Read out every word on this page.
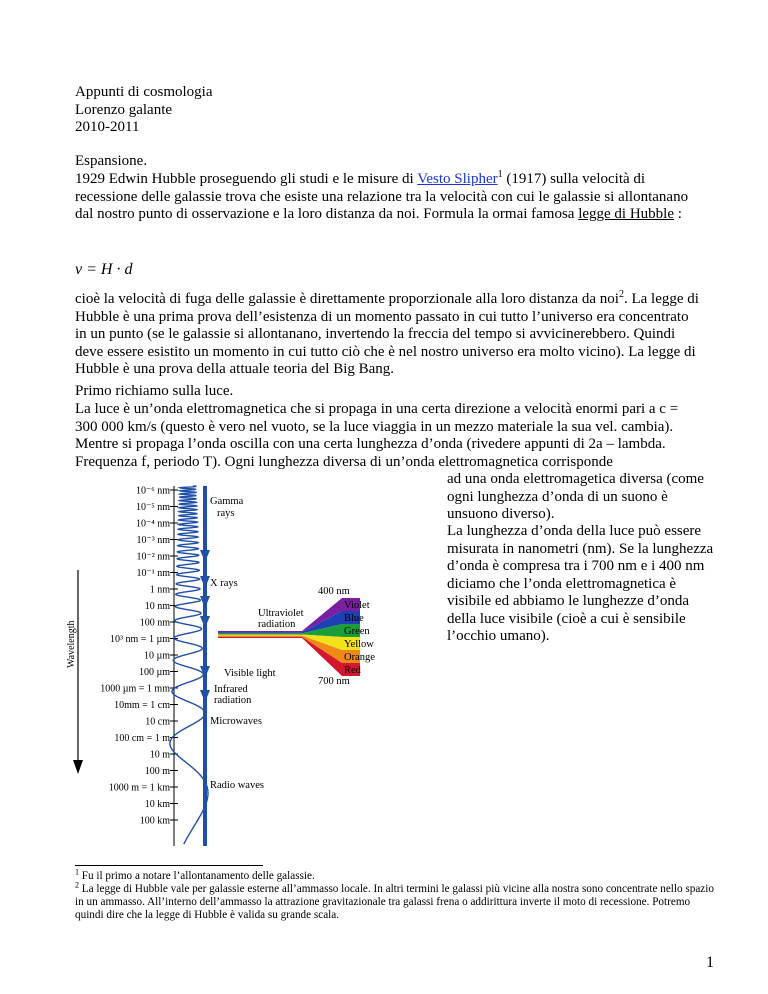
Appunti di cosmologia
Lorenzo galante
2010-2011
Espansione.

1929 Edwin Hubble proseguendo gli studi e le misure di Vesto Slipher$^1$ (1917) sulla velocità di recessione delle galassie trova che esiste una relazione tra la velocità con cui le galassie si allontanano dal nostro punto di osservazione e la loro distanza da noi. Formula la ormai famosa legge di Hubble :

v = H · d

cioè la velocità di fuga delle galassie è direttamente proporzionale alla loro distanza da noi$^2$. La legge di Hubble è una prima prova dell’esistenza di un momento passato in cui tutto l’universo era concentrato in un punto (se le galassie si allontanano, invertendo la freccia del tempo si avvicinerebbero. Quindi deve essere esistito un momento in cui tutto ciò che è nel nostro universo era molto vicino). La legge di Hubble è una prova della attuale teoria del Big Bang.

Primo richiamo sulla luce.

La luce è un’onda elettromagnetica che si propaga in una certa direzione a velocità enormi pari a c = 300 000 km/s (questo è vero nel vuoto, se la luce viaggia in un mezzo materiale la sua vel. cambia). Mentre si propaga l’onda oscilla con una certa lunghezza d’onda (rivedere appunti di 2a – lambda. Frequenza f, periodo T). Ogni lunghezza diversa di un’onda elettromagnetica corrisponde

ad una onda elettromagetica diversa (come ogni lunghezza d’onda di un suono è unsuono diverso).

La lunghezza d’onda della luce può essere misurata in nanometri (nm). Se la lunghezza d’onda è compresa tra i 700 nm e i 400 nm diciamo che l’onda elettromagnetica è visibile ed abbiamo le lunghezze d’onda della luce visibile (cioè a cui è sensibile l’occhio umano).

Wavelength
10⁻⁶ nm
10⁻⁵ nm
10⁻⁴ nm
10⁻³ nm
10⁻² nm
10⁻¹ nm
1 nm
10 nm
100 nm
10³ nm = 1 µm
10 µm
100 µm
1000 µm = 1 mm
10mm = 1 cm
10 cm
100 cm = 1 m
10 m
100 m
1000 m = 1 km
10 km
100 km
Gamma
rays
X rays
Ultraviolet
radiation
Visible light
Infrared
radiation
Microwaves
Radio waves
400 nm
700 nm
Violet
Blue
Green
Yellow
Orange
Red

$^1$ Fu il primo a notare l’allontanamento delle galassie.

$^2$ La legge di Hubble vale per galassie esterne all’ammasso locale. In altri termini le galassi più vicine alla nostra sono concentrate nello spazio in un ammasso. All’interno dell’ammasso la attrazione gravitazionale tra galassi frena o addirittura inverte il moto di recessione. Potremo quindi dire che la legge di Hubble è valida su grande scala.

1
